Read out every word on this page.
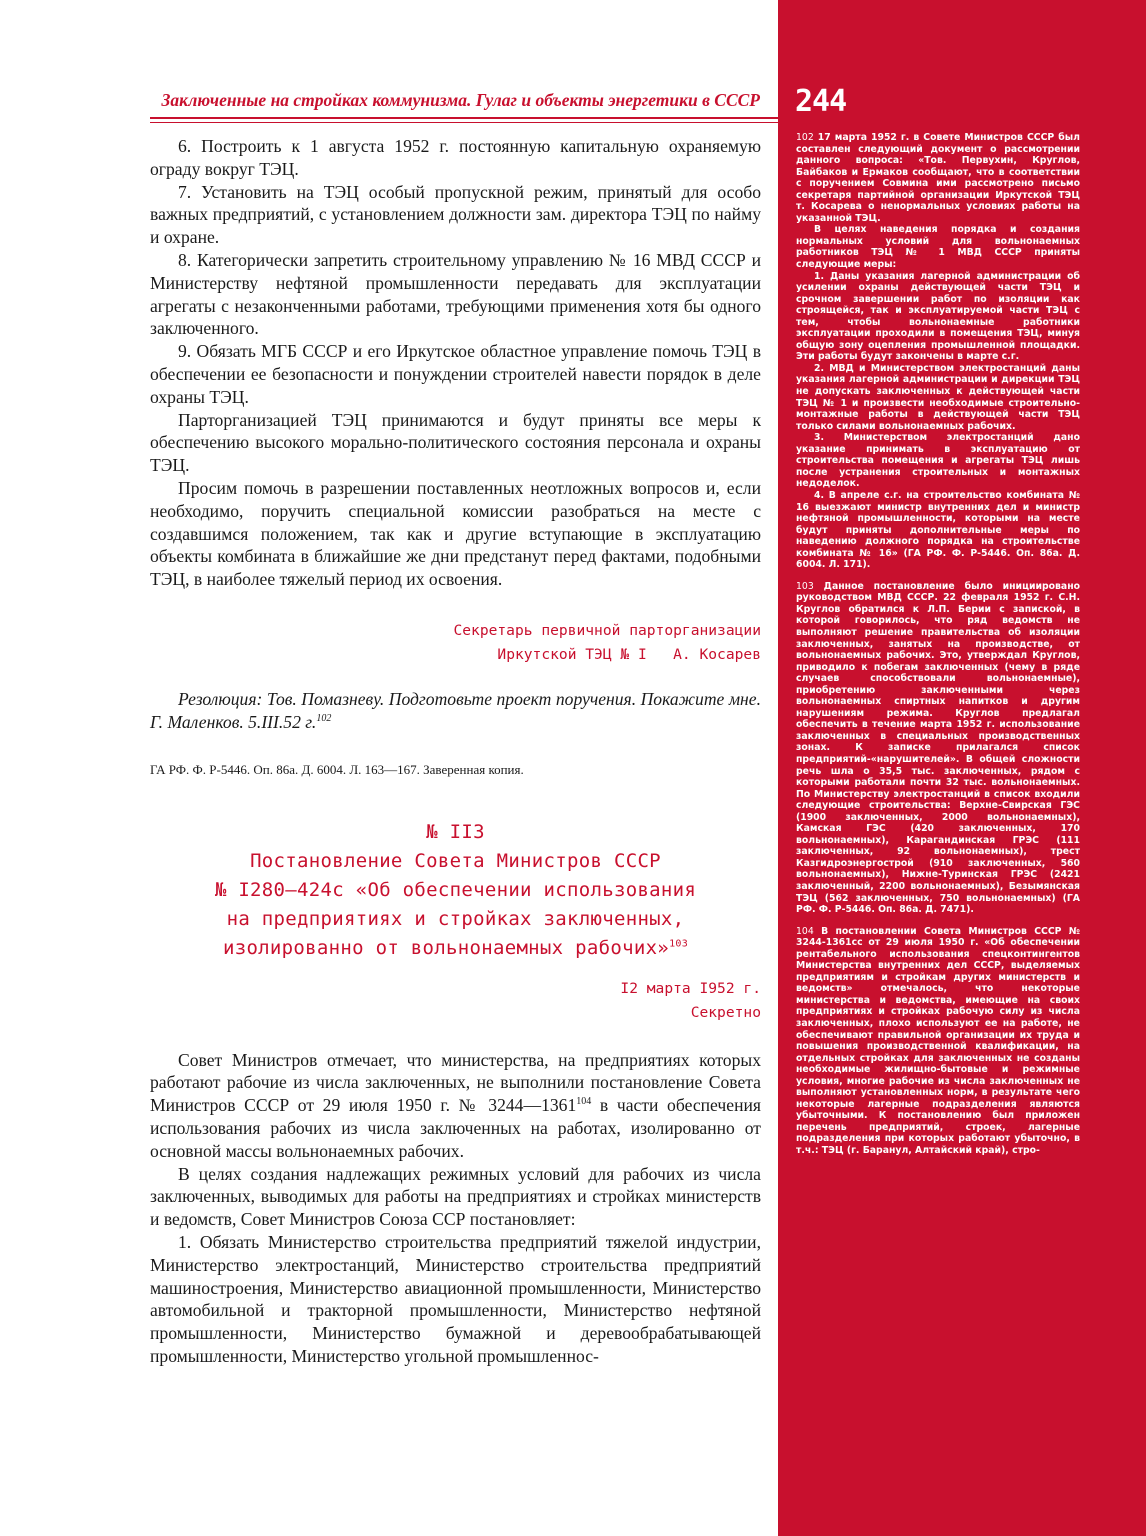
Заключенные на стройках коммунизма. Гулаг и объекты энергетики в СССР 244

6. Построить к 1 августа 1952 г. постоянную капитальную охраняемую ограду вокруг ТЭЦ.

7. Установить на ТЭЦ особый пропускной режим, принятый для особо важных предприятий, с установлением должности зам. директора ТЭЦ по найму и охране.

8. Категорически запретить строительному управлению № 16 МВД СССР и Министерству нефтяной промышленности передавать для эксплуатации агрегаты с незаконченными работами, требующими применения хотя бы одного заключенного.

9. Обязать МГБ СССР и его Иркутское областное управление помочь ТЭЦ в обеспечении ее безопасности и понуждении строителей навести порядок в деле охраны ТЭЦ.

Парторганизацией ТЭЦ принимаются и будут приняты все меры к обеспечению высокого морально-политического состояния персонала и охраны ТЭЦ.

Просим помочь в разрешении поставленных неотложных вопросов и, если необходимо, поручить специальной комиссии разобраться на месте с создавшимся положением, так как и другие вступающие в эксплуатацию объекты комбината в ближайшие же дни предстанут перед фактами, подобными ТЭЦ, в наиболее тяжелый период их освоения.

Секретарь первичной парторганизации

Иркутской ТЭЦ № I   А. Косарев

Резолюция: Тов. Помазневу. Подготовьте проект поручения. Покажите мне. Г. Маленков. 5.III.52 г.$^{102}$

ГА РФ. Ф. Р-5446. Оп. 86а. Д. 6004. Л. 163—167. Заверенная копия.

№ II3

Постановление Совета Министров СССР

№ I280—424с «Об обеспечении использования

на предприятиях и стройках заключенных,

изолированно от вольнонаемных рабочих»$^{103}$

I2 марта I952 г.

Секретно

Совет Министров отмечает, что министерства, на предприятиях которых работают рабочие из числа заключенных, не выполнили постановление Совета Министров СССР от 29 июля 1950 г. № 3244—1361$^{104}$ в части обеспечения использования рабочих из числа заключенных на работах, изолированно от основной массы вольнонаемных рабочих.

В целях создания надлежащих режимных условий для рабочих из числа заключенных, выводимых для работы на предприятиях и стройках министерств и ведомств, Совет Министров Союза ССР постановляет:

1. Обязать Министерство строительства предприятий тяжелой индустрии, Министерство электростанций, Министерство строительства предприятий машиностроения, Министерство авиационной промышленности, Министерство автомобильной и тракторной промышленности, Министерство нефтяной промышленности, Министерство бумажной и деревообрабатывающей промышленности, Министерство угольной промышленнос-

102 17 марта 1952 г. в Совете Министров СССР был составлен следующий документ о рассмотрении данного вопроса: «Тов. Первухин, Круглов, Байбаков и Ермаков сообщают, что в соответствии с поручением Совмина ими рассмотрено письмо секретаря партийной организации Иркутской ТЭЦ т. Косарева о ненормальных условиях работы на указанной ТЭЦ.

В целях наведения порядка и создания нормальных условий для вольнонаемных работников ТЭЦ № 1 МВД СССР приняты следующие меры:

1. Даны указания лагерной администрации об усилении охраны действующей части ТЭЦ и срочном завершении работ по изоляции как строящейся, так и эксплуатируемой части ТЭЦ с тем, чтобы вольнонаемные работники эксплуатации проходили в помещения ТЭЦ, минуя общую зону оцепления промышленной площадки. Эти работы будут закончены в марте с.г.

2. МВД и Министерством электростанций даны указания лагерной администрации и дирекции ТЭЦ не допускать заключенных к действующей части ТЭЦ № 1 и произвести необходимые строительно-монтажные работы в действующей части ТЭЦ только силами вольнонаемных рабочих.

3. Министерством электростанций дано указание принимать в эксплуатацию от строительства помещения и агрегаты ТЭЦ лишь после устранения строительных и монтажных недоделок.

4. В апреле с.г. на строительство комбината № 16 выезжают министр внутренних дел и министр нефтяной промышленности, которыми на месте будут приняты дополнительные меры по наведению должного порядка на строительстве комбината № 16» (ГА РФ. Ф. Р-5446. Оп. 86а. Д. 6004. Л. 171).

103 Данное постановление было инициировано руководством МВД СССР. 22 февраля 1952 г. С.Н. Круглов обратился к Л.П. Берии с запиской, в которой говорилось, что ряд ведомств не выполняют решение правительства об изоляции заключенных, занятых на производстве, от вольнонаемных рабочих. Это, утверждал Круглов, приводило к побегам заключенных (чему в ряде случаев способствовали вольнонаемные), приобретению заключенными через вольнонаемных спиртных напитков и другим нарушениям режима. Круглов предлагал обеспечить в течение марта 1952 г. использование заключенных в специальных производственных зонах. К записке прилагался список предприятий-«нарушителей». В общей сложности речь шла о 35,5 тыс. заключенных, рядом с которыми работали почти 32 тыс. вольнонаемных. По Министерству электростанций в список входили следующие строительства: Верхне-Свирская ГЭС (1900 заключенных, 2000 вольнонаемных), Камская ГЭС (420 заключенных, 170 вольнонаемных), Карагандинская ГРЭС (111 заключенных, 92 вольнонаемных), трест Казгидроэнергострой (910 заключенных, 560 вольнонаемных), Нижне-Туринская ГРЭС (2421 заключенный, 2200 вольнонаемных), Безымянская ТЭЦ (562 заключенных, 750 вольнонаемных) (ГА РФ. Ф. Р-5446. Оп. 86а. Д. 7471).

104 В постановлении Совета Министров СССР № 3244-1361сс от 29 июля 1950 г. «Об обеспечении рентабельного использования спецконтингентов Министерства внутренних дел СССР, выделяемых предприятиям и стройкам других министерств и ведомств» отмечалось, что некоторые министерства и ведомства, имеющие на своих предприятиях и стройках рабочую силу из числа заключенных, плохо используют ее на работе, не обеспечивают правильной организации их труда и повышения производственной квалификации, на отдельных стройках для заключенных не созданы необходимые жилищно-бытовые и режимные условия, многие рабочие из числа заключенных не выполняют установленных норм, в результате чего некоторые лагерные подразделения являются убыточными. К постановлению был приложен перечень предприятий, строек, лагерные подразделения при которых работают убыточно, в т.ч.: ТЭЦ (г. Баранул, Алтайский край), стро-
